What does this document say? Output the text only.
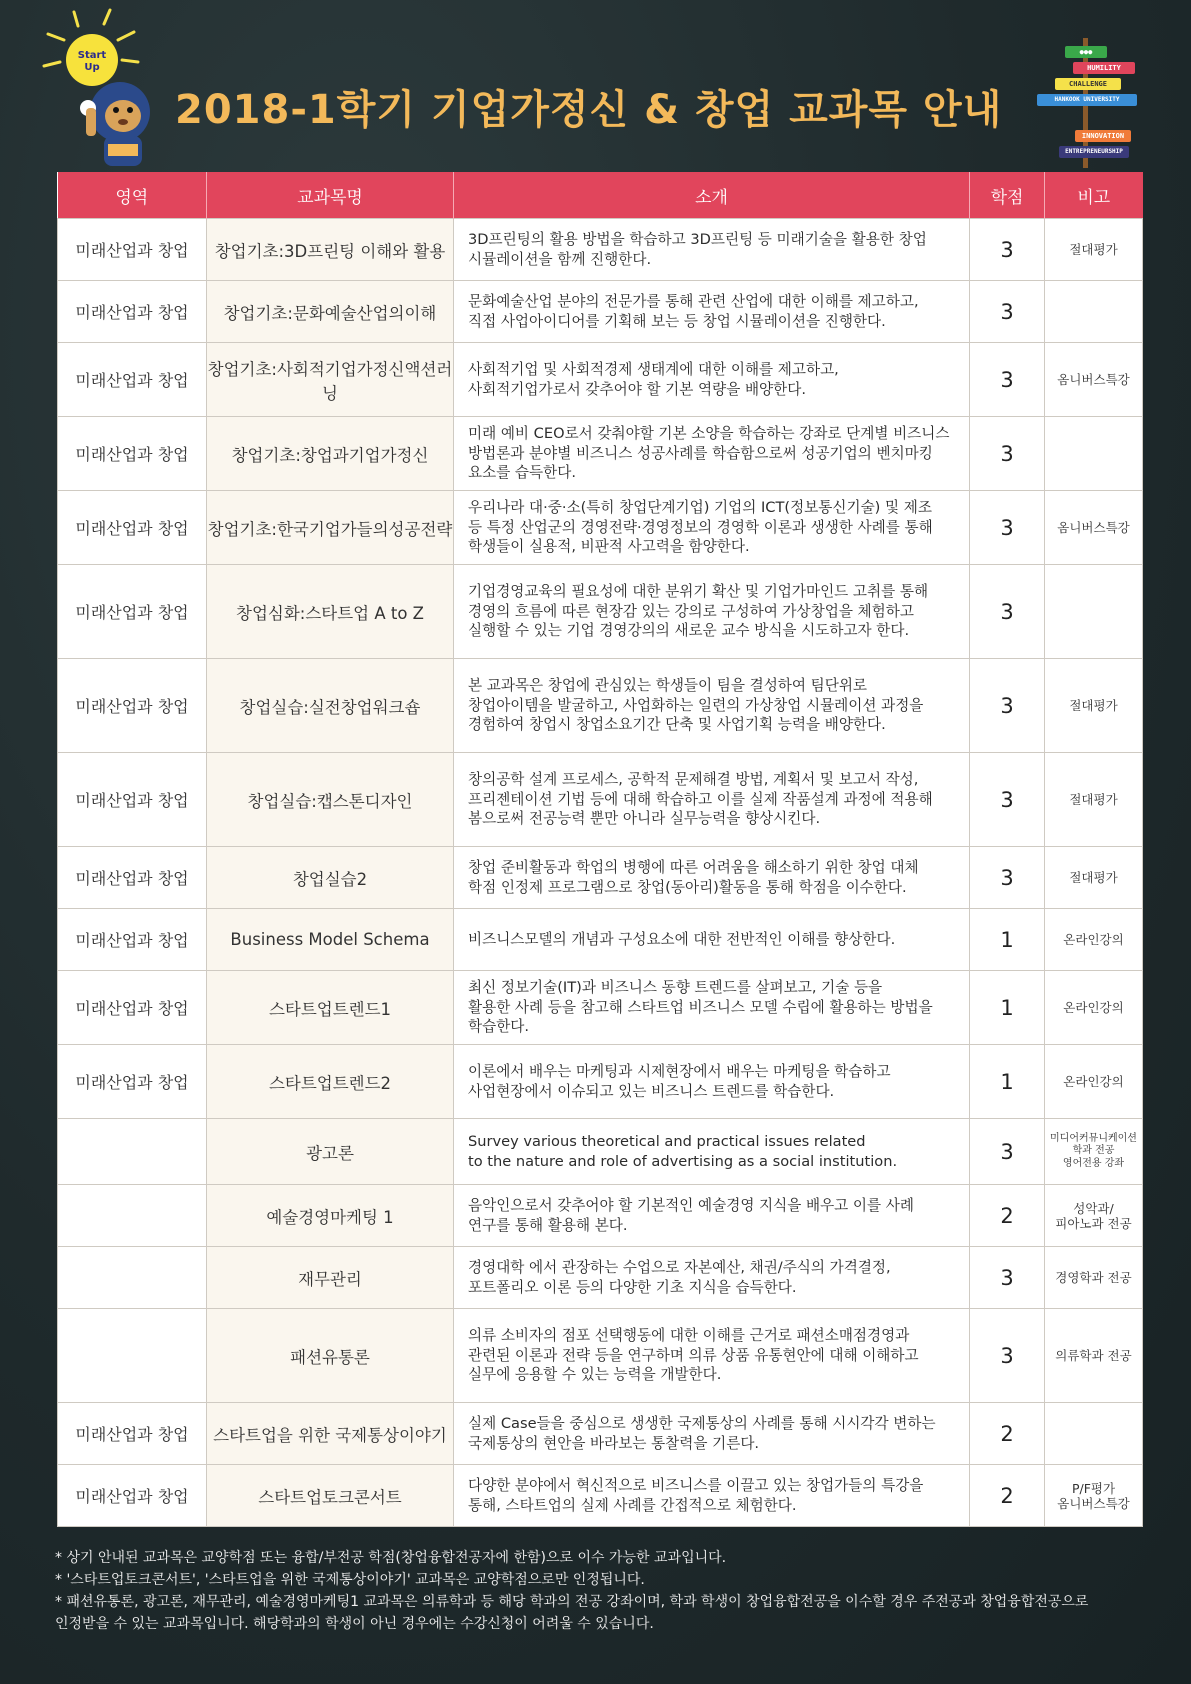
Start
Up
2018-1학기 기업가정신 & 창업 교과목 안내
●●●
HUMILITY
CHALLENGE
HANKOOK UNIVERSITY
INNOVATION
ENTREPRENEURSHIP
영역	교과목명	소개	학점	비고
미래산업과 창업	창업기초:3D프린팅 이해와 활용	3D프린팅의 활용 방법을 학습하고 3D프린팅 등 미래기술을 활용한 창업
시뮬레이션을 함께 진행한다.	3	절대평가
미래산업과 창업	창업기초:문화예술산업의이해	문화예술산업 분야의 전문가를 통해 관련 산업에 대한 이해를 제고하고,
직접 사업아이디어를 기획해 보는 등 창업 시뮬레이션을 진행한다.	3	
미래산업과 창업	창업기초:사회적기업가정신액션러닝	사회적기업 및 사회적경제 생태계에 대한 이해를 제고하고,
사회적기업가로서 갖추어야 할 기본 역량을 배양한다.	3	옴니버스특강
미래산업과 창업	창업기초:창업과기업가정신	미래 예비 CEO로서 갖춰야할 기본 소양을 학습하는 강좌로 단계별 비즈니스
방법론과 분야별 비즈니스 성공사례를 학습함으로써 성공기업의 벤치마킹
요소를 습득한다.	3	
미래산업과 창업	창업기초:한국기업가들의성공전략	우리나라 대·중·소(특히 창업단계기업) 기업의 ICT(정보통신기술) 및 제조
등 특정 산업군의 경영전략·경영정보의 경영학 이론과 생생한 사례를 통해
학생들이 실용적, 비판적 사고력을 함양한다.	3	옴니버스특강
미래산업과 창업	창업심화:스타트업 A to Z	기업경영교육의 필요성에 대한 분위기 확산 및 기업가마인드 고취를 통해
경영의 흐름에 따른 현장감 있는 강의로 구성하여 가상창업을 체험하고
실행할 수 있는 기업 경영강의의 새로운 교수 방식을 시도하고자 한다.	3	
미래산업과 창업	창업실습:실전창업워크숍	본 교과목은 창업에 관심있는 학생들이 팀을 결성하여 팀단위로
창업아이템을 발굴하고, 사업화하는 일련의 가상창업 시뮬레이션 과정을
경험하여 창업시 창업소요기간 단축 및 사업기획 능력을 배양한다.	3	절대평가
미래산업과 창업	창업실습:캡스톤디자인	창의공학 설계 프로세스, 공학적 문제해결 방법, 계획서 및 보고서 작성,
프리젠테이션 기법 등에 대해 학습하고 이를 실제 작품설계 과정에 적용해
봄으로써 전공능력 뿐만 아니라 실무능력을 향상시킨다.	3	절대평가
미래산업과 창업	창업실습2	창업 준비활동과 학업의 병행에 따른 어려움을 해소하기 위한 창업 대체
학점 인정제 프로그램으로 창업(동아리)활동을 통해 학점을 이수한다.	3	절대평가
미래산업과 창업	Business Model Schema	비즈니스모델의 개념과 구성요소에 대한 전반적인 이해를 향상한다.	1	온라인강의
미래산업과 창업	스타트업트렌드1	최신 정보기술(IT)과 비즈니스 동향 트렌드를 살펴보고, 기술 등을
활용한 사례 등을 참고해 스타트업 비즈니스 모델 수립에 활용하는 방법을
학습한다.	1	온라인강의
미래산업과 창업	스타트업트렌드2	이론에서 배우는 마케팅과 시제현장에서 배우는 마케팅을 학습하고
사업현장에서 이슈되고 있는 비즈니스 트렌드를 학습한다.	1	온라인강의
	광고론	Survey various theoretical and practical issues related
to the nature and role of advertising as a social institution.	3	미디어커뮤니케이션
학과 전공
영어전용 강좌
	예술경영마케팅 1	음악인으로서 갖추어야 할 기본적인 예술경영 지식을 배우고 이를 사례
연구를 통해 활용해 본다.	2	성악과/
피아노과 전공
	재무관리	경영대학 에서 관장하는 수업으로 자본예산, 채권/주식의 가격결정,
포트폴리오 이론 등의 다양한 기초 지식을 습득한다.	3	경영학과 전공
	패션유통론	의류 소비자의 점포 선택행동에 대한 이해를 근거로 패션소매점경영과
관련된 이론과 전략 등을 연구하며 의류 상품 유통현안에 대해 이해하고
실무에 응용할 수 있는 능력을 개발한다.	3	의류학과 전공
미래산업과 창업	스타트업을 위한 국제통상이야기	실제 Case들을 중심으로 생생한 국제통상의 사례를 통해 시시각각 변하는
국제통상의 현안을 바라보는 통찰력을 기른다.	2	
미래산업과 창업	스타트업토크콘서트	다양한 분야에서 혁신적으로 비즈니스를 이끌고 있는 창업가들의 특강을
통해, 스타트업의 실제 사례를 간접적으로 체험한다.	2	P/F평가
옴니버스특강
* 상기 안내된 교과목은 교양학점 또는 융합/부전공 학점(창업융합전공자에 한함)으로 이수 가능한 교과입니다.
* '스타트업토크콘서트', '스타트업을 위한 국제통상이야기' 교과목은 교양학점으로만 인정됩니다.
* 패션유통론, 광고론, 재무관리, 예술경영마케팅1 교과목은 의류학과 등 해당 학과의 전공 강좌이며, 학과 학생이 창업융합전공을 이수할 경우 주전공과 창업융합전공으로
인정받을 수 있는 교과목입니다. 해당학과의 학생이 아닌 경우에는 수강신청이 어려울 수 있습니다.
